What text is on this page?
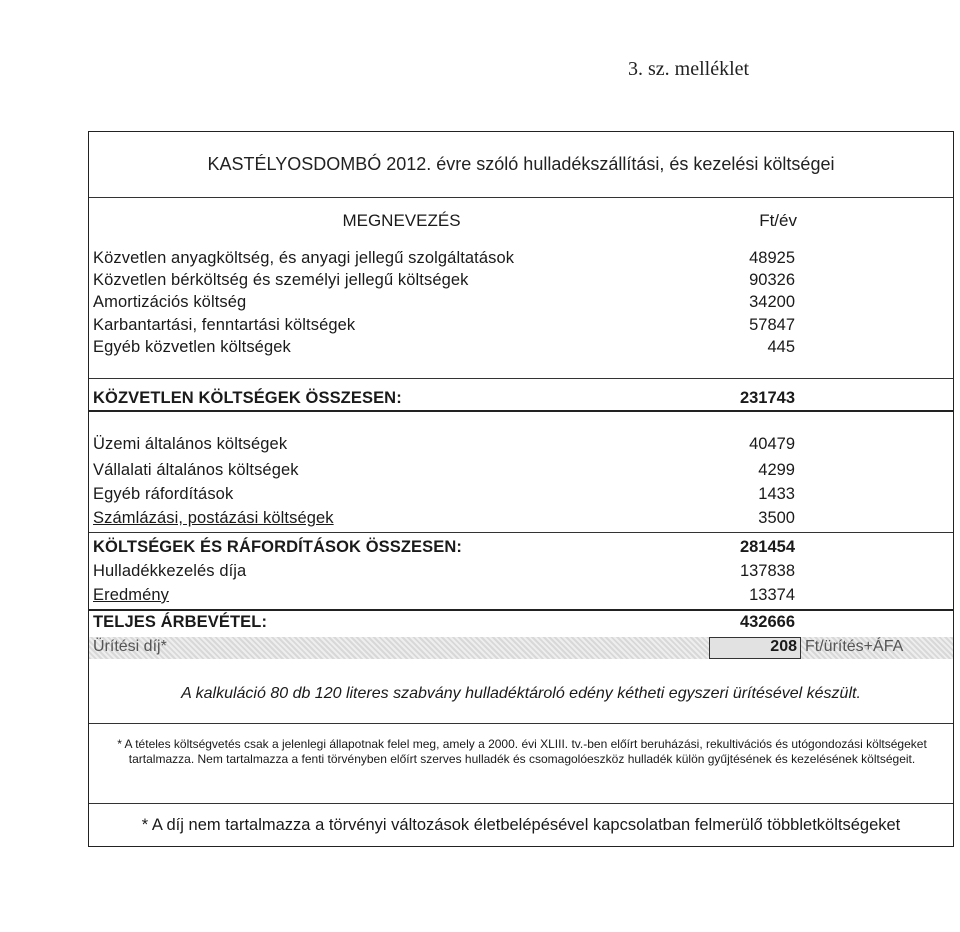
3. sz. melléklet
KASTÉLYOSDOMBÓ 2012. évre szóló hulladékszállítási, és kezelési költségei
MEGNEVEZÉS	Ft/év
Közvetlen anyagköltség, és anyagi jellegű szolgáltatások	48925
Közvetlen bérköltség és személyi jellegű költségek	90326
Amortizációs költség	34200
Karbantartási, fenntartási költségek	57847
Egyéb közvetlen költségek	445
KÖZVETLEN KÖLTSÉGEK ÖSSZESEN:	231743
Üzemi általános költségek	40479
Vállalati általános költségek	4299
Egyéb ráfordítások	1433
Számlázási, postázási költségek	3500
KÖLTSÉGEK ÉS RÁFORDÍTÁSOK ÖSSZESEN:	281454
Hulladékkezelés díja	137838
Eredmény	13374
TELJES ÁRBEVÉTEL:	432666
Ürítési díj*	208 Ft/ürítés+ÁFA
A kalkuláció 80 db 120 literes szabvány hulladéktároló edény kétheti egyszeri ürítésével készült.
* A tételes költségvetés csak a jelenlegi állapotnak felel meg, amely a 2000. évi XLIII. tv.-ben előírt beruházási, rekultivációs és utógondozási költségeket tartalmazza. Nem tartalmazza a fenti törvényben előírt szerves hulladék és csomagolóeszköz hulladék külön gyűjtésének és kezelésének költségeit.
* A díj nem tartalmazza a törvényi változások életbelépésével kapcsolatban felmerülő többletköltségeket
